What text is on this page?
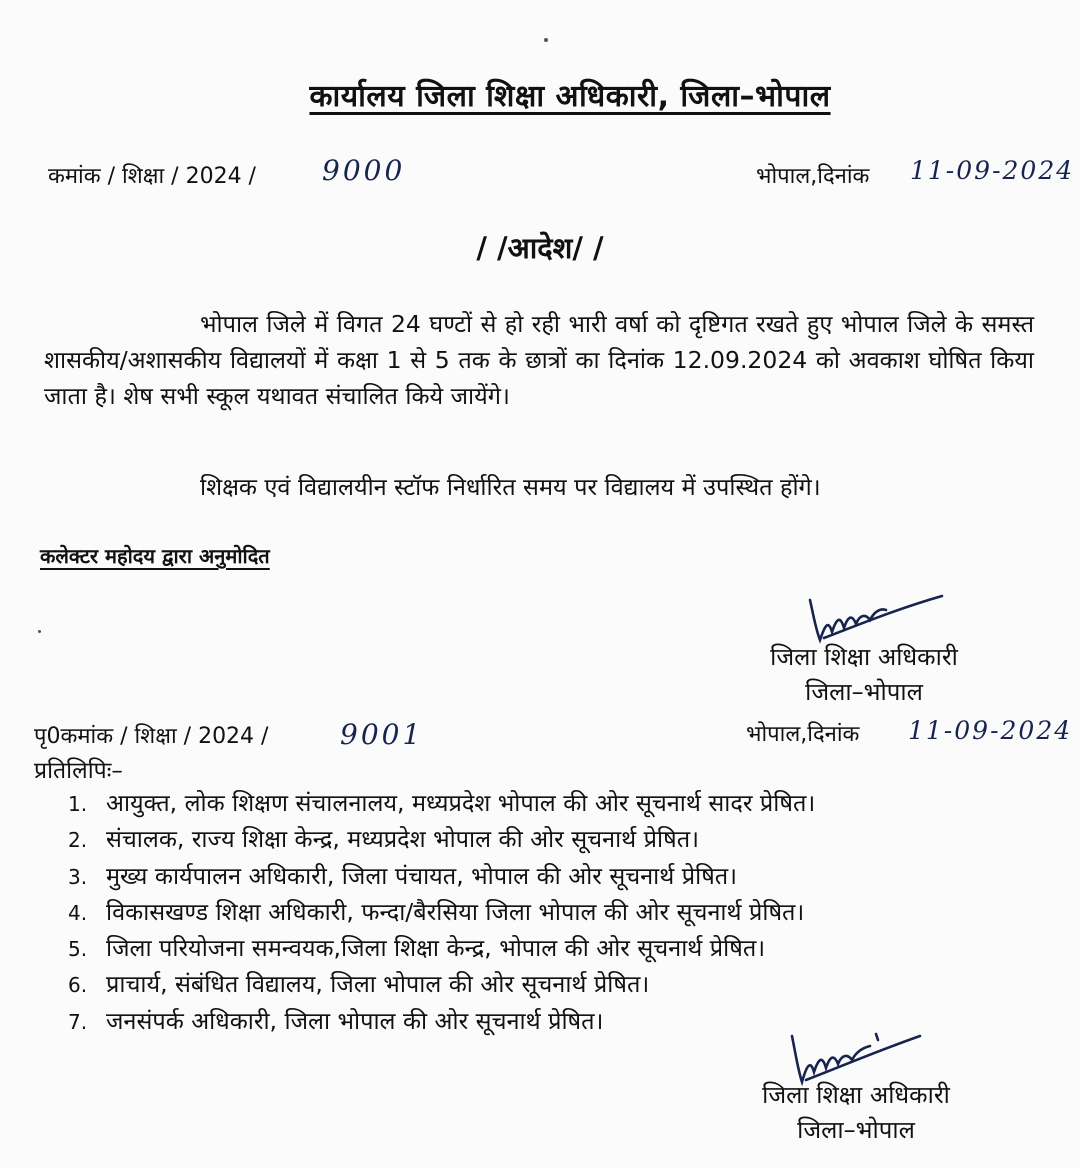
कार्यालय जिला शिक्षा अधिकारी, जिला–भोपाल
कमांक / शिक्षा / 2024 / 9000	भोपाल,दिनांक 11-09-2024
/ /आदेश/ /
भोपाल जिले में विगत 24 घण्टों से हो रही भारी वर्षा को दृष्टिगत रखते हुए भोपाल जिले के समस्त शासकीय/अशासकीय विद्यालयों में कक्षा 1 से 5 तक के छात्रों का दिनांक 12.09.2024 को अवकाश घोषित किया जाता है। शेष सभी स्कूल यथावत संचालित किये जायेंगे।
शिक्षक एवं विद्यालयीन स्टॉफ निर्धारित समय पर विद्यालय में उपस्थित होंगे।
कलेक्टर महोदय द्वारा अनुमोदित
जिला शिक्षा अधिकारी
जिला–भोपाल
पृ0कमांक / शिक्षा / 2024 /	9001	भोपाल,दिनांक 11-09-2024
प्रतिलिपिः–
1. आयुक्त, लोक शिक्षण संचालनालय, मध्यप्रदेश भोपाल की ओर सूचनार्थ सादर प्रेषित।
2. संचालक, राज्य शिक्षा केन्द्र, मध्यप्रदेश भोपाल की ओर सूचनार्थ प्रेषित।
3. मुख्य कार्यपालन अधिकारी, जिला पंचायत, भोपाल की ओर सूचनार्थ प्रेषित।
4. विकासखण्ड शिक्षा अधिकारी, फन्दा/बैरसिया जिला भोपाल की ओर सूचनार्थ प्रेषित।
5. जिला परियोजना समन्वयक,जिला शिक्षा केन्द्र, भोपाल की ओर सूचनार्थ प्रेषित।
6. प्राचार्य, संबंधित विद्यालय, जिला भोपाल की ओर सूचनार्थ प्रेषित।
7. जनसंपर्क अधिकारी, जिला भोपाल की ओर सूचनार्थ प्रेषित।
जिला शिक्षा अधिकारी
जिला–भोपाल
